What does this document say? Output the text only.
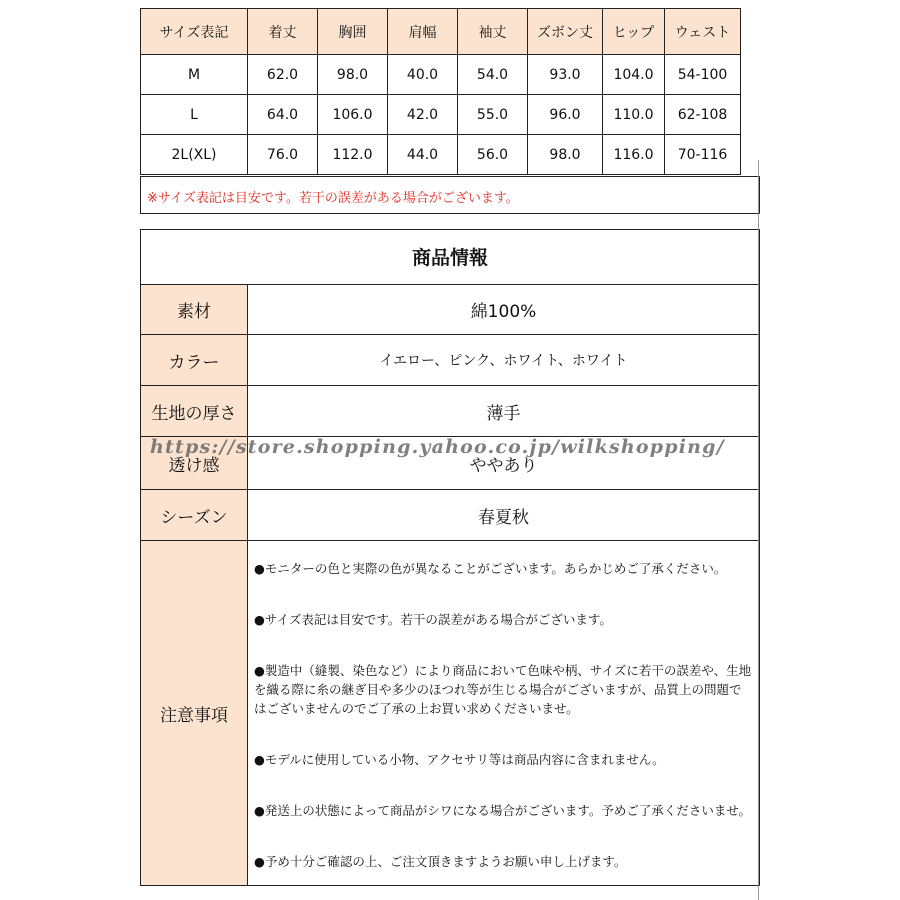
サイズ表記	着丈	胸囲	肩幅	袖丈	ズボン丈	ヒップ	ウェスト
M	62.0	98.0	40.0	54.0	93.0	104.0	54-100
L	64.0	106.0	42.0	55.0	96.0	110.0	62-108
2L(XL)	76.0	112.0	44.0	56.0	98.0	116.0	70-116
※サイズ表記は目安です。若干の誤差がある場合がございます。
商品情報
素材	綿100%
カラー	イエロー、ピンク、ホワイト、ホワイト
生地の厚さ	薄手
透け感	ややあり
シーズン	春夏秋
注意事項

●モニターの色と実際の色が異なることがございます。あらかじめご了承ください。

●サイズ表記は目安です。若干の誤差がある場合がございます。

●製造中（縫製、染色など）により商品において色味や柄、サイズに若干の誤差や、生地を織る際に糸の継ぎ目や多少のほつれ等が生じる場合がございますが、品質上の問題ではございませんのでご了承の上お買い求めくださいませ。

●モデルに使用している小物、アクセサリ等は商品内容に含まれません。

●発送上の状態によって商品がシワになる場合がございます。予めご了承くださいませ。

●予め十分ご確認の上、ご注文頂きますようお願い申し上げます。

https://store.shopping.yahoo.co.jp/wilkshopping/
